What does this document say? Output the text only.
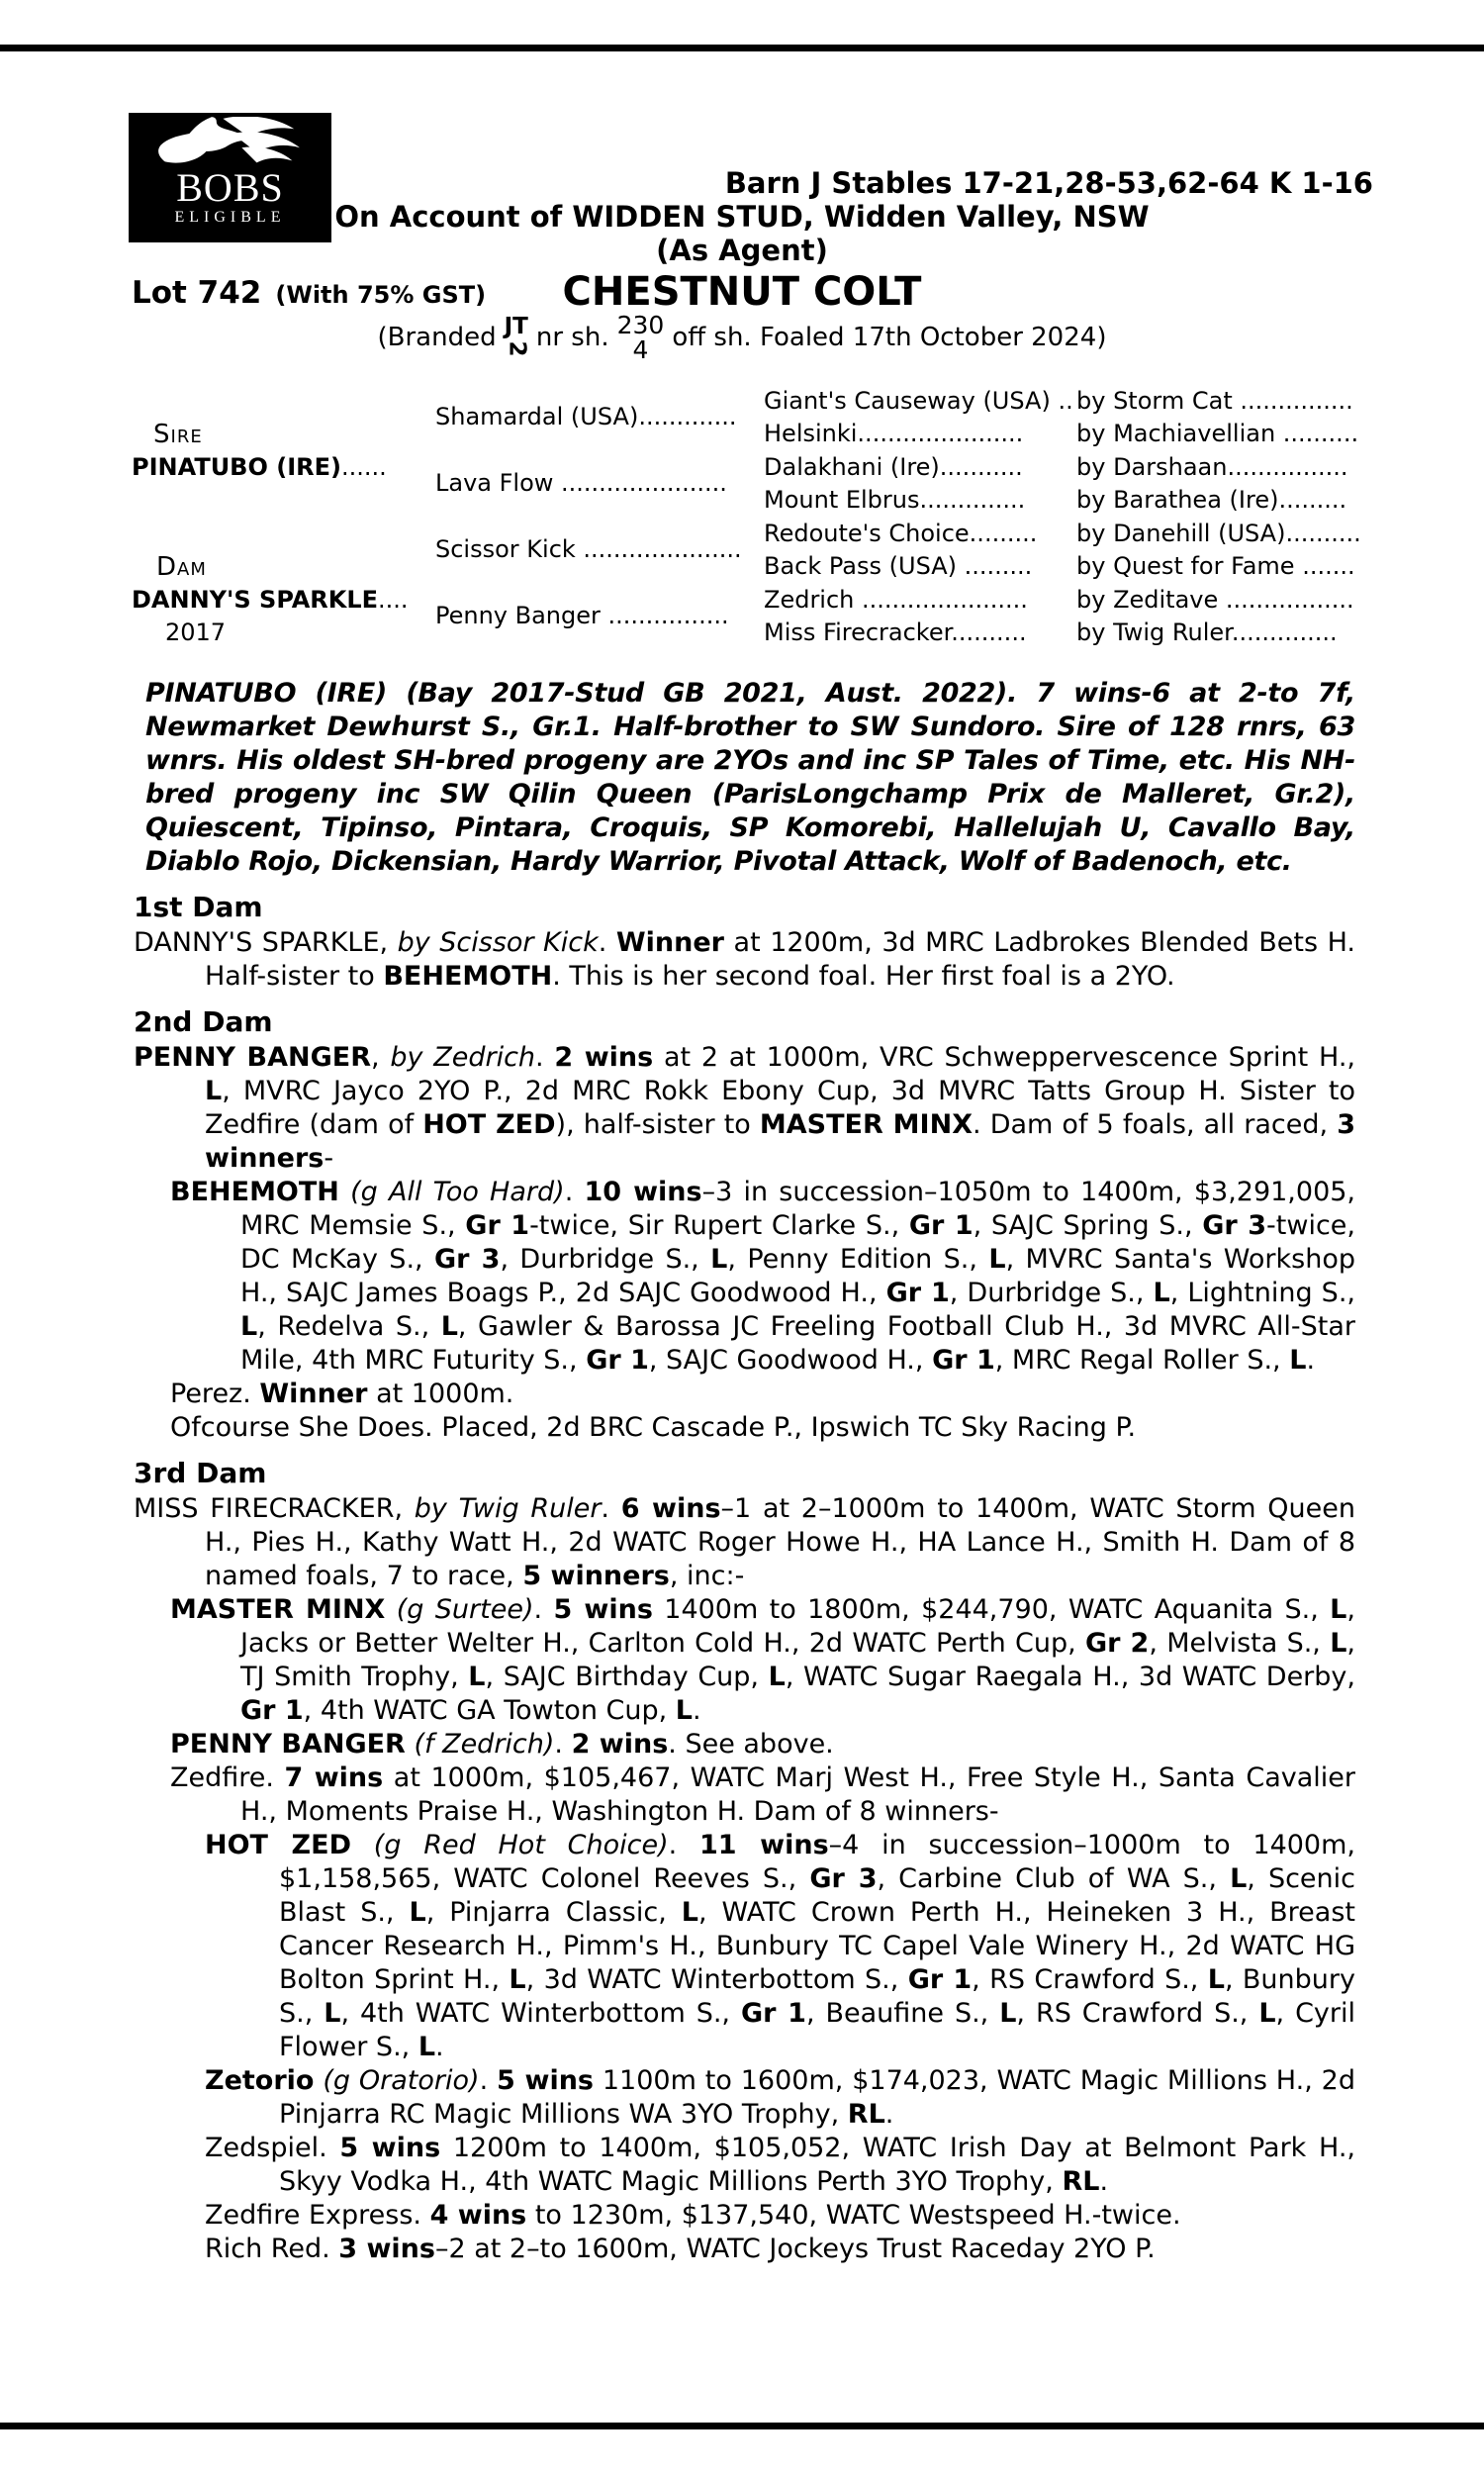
BOBS
ELIGIBLE
Barn J Stables 17-21,28-53,62-64 K 1-16
On Account of WIDDEN STUD, Widden Valley, NSW
(As Agent)
Lot 742 (With 75% GST) CHESTNUT COLT
(Branded JT
2 nr sh. 230
4 off sh. Foaled 17th October 2024)
Sire
PINATUBO (IRE)......
Dam
DANNY'S SPARKLE....
2017
Shamardal (USA).............
Lava Flow ......................
Scissor Kick .....................
Penny Banger ................
Giant's Causeway (USA) ..
Helsinki......................
Dalakhani (Ire)...........
Mount Elbrus..............
Redoute's Choice.........
Back Pass (USA) .........
Zedrich ......................
Miss Firecracker..........
by Storm Cat ...............
by Machiavellian ..........
by Darshaan................
by Barathea (Ire).........
by Danehill (USA)..........
by Quest for Fame .......
by Zeditave .................
by Twig Ruler..............
PINATUBO (IRE) (Bay 2017-Stud GB 2021, Aust. 2022). 7 wins-6 at 2-to 7f, Newmarket Dewhurst S., Gr.1. Half-brother to SW Sundoro. Sire of 128 rnrs, 63 wnrs. His oldest SH-bred progeny are 2YOs and inc SP Tales of Time, etc. His NH-bred progeny inc SW Qilin Queen (ParisLongchamp Prix de Malleret, Gr.2), Quiescent, Tipinso, Pintara, Croquis, SP Komorebi, Hallelujah U, Cavallo Bay, Diablo Rojo, Dickensian, Hardy Warrior, Pivotal Attack, Wolf of Badenoch, etc.
1st Dam
DANNY'S SPARKLE, by Scissor Kick. Winner at 1200m, 3d MRC Ladbrokes Blended Bets H. Half-sister to BEHEMOTH. This is her second foal. Her first foal is a 2YO.
2nd Dam
PENNY BANGER, by Zedrich. 2 wins at 2 at 1000m, VRC Schweppervescence Sprint H., L, MVRC Jayco 2YO P., 2d MRC Rokk Ebony Cup, 3d MVRC Tatts Group H. Sister to Zedfire (dam of HOT ZED), half-sister to MASTER MINX. Dam of 5 foals, all raced, 3 winners-
BEHEMOTH (g All Too Hard). 10 wins–3 in succession–1050m to 1400m, $3,291,005, MRC Memsie S., Gr 1-twice, Sir Rupert Clarke S., Gr 1, SAJC Spring S., Gr 3-twice, DC McKay S., Gr 3, Durbridge S., L, Penny Edition S., L, MVRC Santa's Workshop H., SAJC James Boags P., 2d SAJC Goodwood H., Gr 1, Durbridge S., L, Lightning S., L, Redelva S., L, Gawler & Barossa JC Freeling Football Club H., 3d MVRC All-Star Mile, 4th MRC Futurity S., Gr 1, SAJC Goodwood H., Gr 1, MRC Regal Roller S., L.
Perez. Winner at 1000m.
Ofcourse She Does. Placed, 2d BRC Cascade P., Ipswich TC Sky Racing P.
3rd Dam
MISS FIRECRACKER, by Twig Ruler. 6 wins–1 at 2–1000m to 1400m, WATC Storm Queen H., Pies H., Kathy Watt H., 2d WATC Roger Howe H., HA Lance H., Smith H. Dam of 8 named foals, 7 to race, 5 winners, inc:-
MASTER MINX (g Surtee). 5 wins 1400m to 1800m, $244,790, WATC Aquanita S., L, Jacks or Better Welter H., Carlton Cold H., 2d WATC Perth Cup, Gr 2, Melvista S., L, TJ Smith Trophy, L, SAJC Birthday Cup, L, WATC Sugar Raegala H., 3d WATC Derby, Gr 1, 4th WATC GA Towton Cup, L.
PENNY BANGER (f Zedrich). 2 wins. See above.
Zedfire. 7 wins at 1000m, $105,467, WATC Marj West H., Free Style H., Santa Cavalier H., Moments Praise H., Washington H. Dam of 8 winners-
HOT ZED (g Red Hot Choice). 11 wins–4 in succession–1000m to 1400m, $1,158,565, WATC Colonel Reeves S., Gr 3, Carbine Club of WA S., L, Scenic Blast S., L, Pinjarra Classic, L, WATC Crown Perth H., Heineken 3 H., Breast Cancer Research H., Pimm's H., Bunbury TC Capel Vale Winery H., 2d WATC HG Bolton Sprint H., L, 3d WATC Winterbottom S., Gr 1, RS Crawford S., L, Bunbury S., L, 4th WATC Winterbottom S., Gr 1, Beaufine S., L, RS Crawford S., L, Cyril Flower S., L.
Zetorio (g Oratorio). 5 wins 1100m to 1600m, $174,023, WATC Magic Millions H., 2d Pinjarra RC Magic Millions WA 3YO Trophy, RL.
Zedspiel. 5 wins 1200m to 1400m, $105,052, WATC Irish Day at Belmont Park H., Skyy Vodka H., 4th WATC Magic Millions Perth 3YO Trophy, RL.
Zedfire Express. 4 wins to 1230m, $137,540, WATC Westspeed H.-twice.
Rich Red. 3 wins–2 at 2–to 1600m, WATC Jockeys Trust Raceday 2YO P.
